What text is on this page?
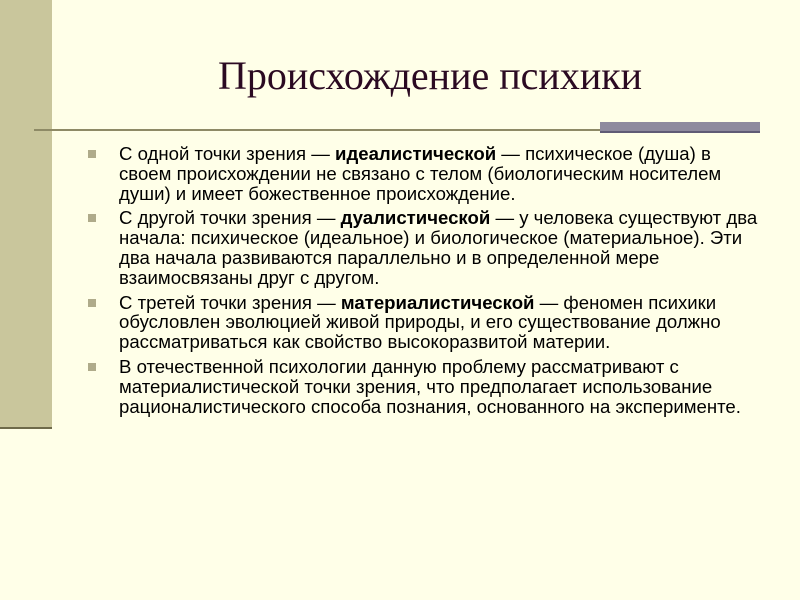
Происхождение психики
С одной точки зрения — идеалистической — психическое (душа) в своем происхождении не связано с телом (биологическим носителем души) и имеет божественное происхождение.
С другой точки зрения — дуалистической — у человека существуют два начала: психическое (идеальное) и биологическое (материальное). Эти два начала развиваются параллельно и в определенной мере взаимосвязаны друг с другом.
С третей точки зрения — материалистической — феномен психики обусловлен эволюцией живой природы, и его существование должно рассматриваться как свойство высокоразвитой материи.
В отечественной психологии данную проблему рассматривают с материалистической точки зрения, что предполагает использование рационалистического способа познания, основанного на эксперименте.
